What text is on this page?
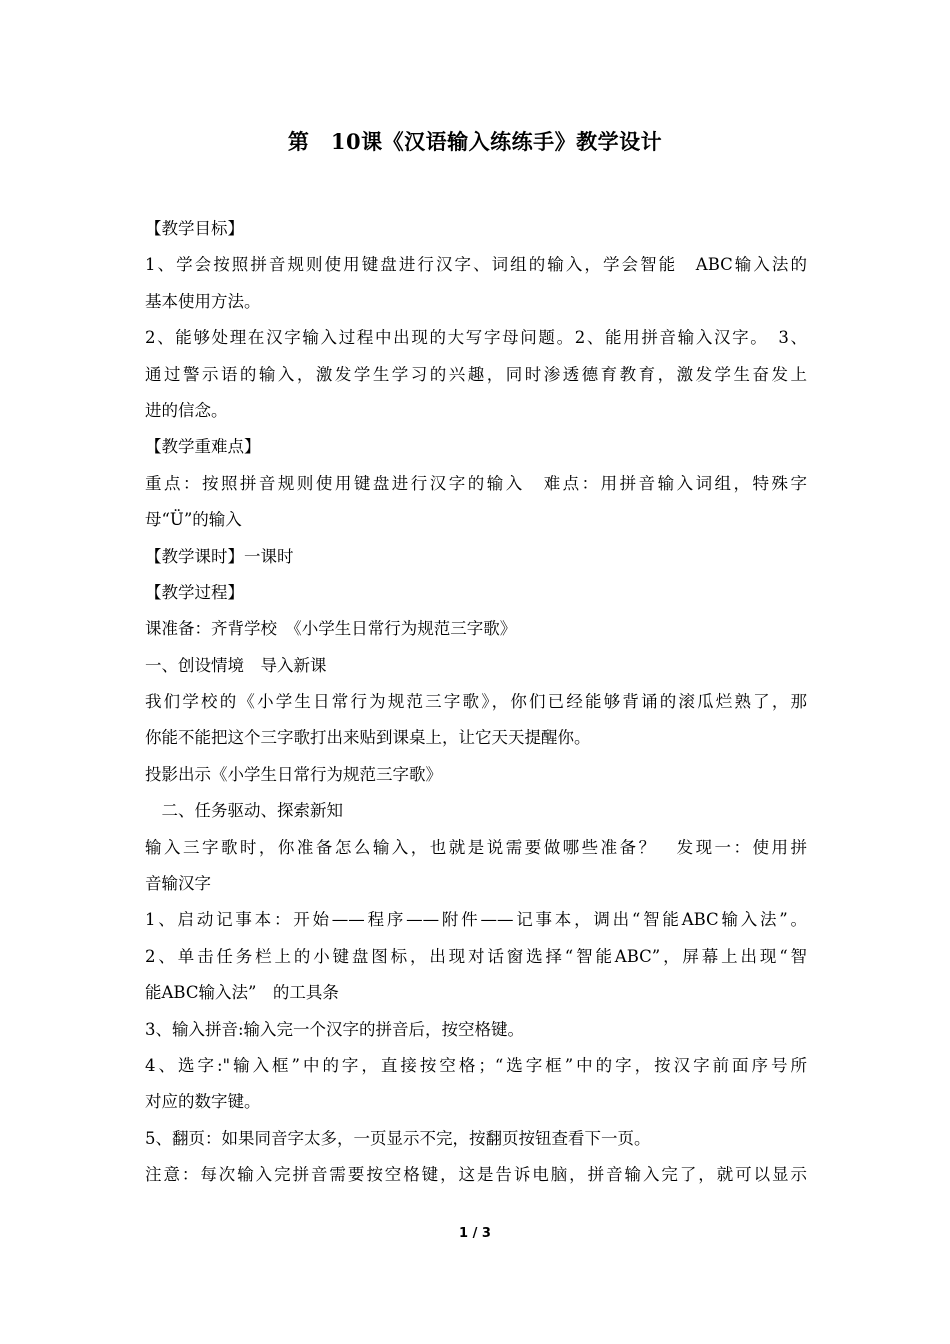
第　10课《汉语输入练练手》教学设计
【教学目标】
1、学会按照拼音规则使用键盘进行汉字、词组的输入，学会智能　ABC输入法的
基本使用方法。
2、能够处理在汉字输入过程中出现的大写字母问题。2、能用拼音输入汉字。　3、
通过警示语的输入，激发学生学习的兴趣，同时渗透德育教育，激发学生奋发上
进的信念。
【教学重难点】
重点：按照拼音规则使用键盘进行汉字的输入　难点：用拼音输入词组，特殊字
母“Ü”的输入
【教学课时】一课时
【教学过程】
课准备：齐背学校　《小学生日常行为规范三字歌》
一、创设情境　导入新课
我们学校的《小学生日常行为规范三字歌》，你们已经能够背诵的滚瓜烂熟了，那
你能不能把这个三字歌打出来贴到课桌上，让它天天提醒你。
投影出示《小学生日常行为规范三字歌》
　二、任务驱动、探索新知
输入三字歌时，你准备怎么输入，也就是说需要做哪些准备？　发现一：使用拼
音输汉字
1、启动记事本：开始——程序——附件——记事本，调出“智能ABC输入法”。
2、单击任务栏上的小键盘图标，出现对话窗选择“智能ABC”，屏幕上出现“智
能ABC输入法”　的工具条
3、输入拼音:输入完一个汉字的拼音后，按空格键。
4、选字:"输入框”中的字，直接按空格；“选字框”中的字，按汉字前面序号所
对应的数字键。
5、翻页：如果同音字太多，一页显示不完，按翻页按钮查看下一页。
注意：每次输入完拼音需要按空格键，这是告诉电脑，拼音输入完了，就可以显示
1 / 3
